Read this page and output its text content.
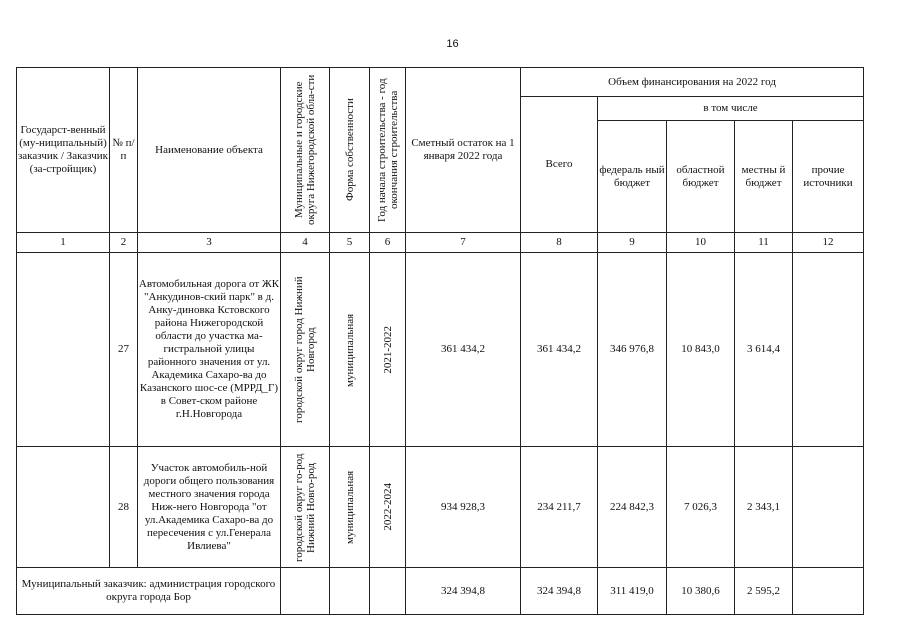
16
Государст-венный (му-ниципальный) заказчик / Заказчик (за-стройщик)	№ п/п	Наименование объекта	Муниципальные и городские округа Нижегородской обла-сти	Форма собственности	Год начала строительства - год окончания строительства	Сметный остаток на 1 января 2022 года	Объем финансирования на 2022 год				
							Всего	в том числе			
								федераль ный бюджет	областной бюджет	местны й бюджет	прочие источники
1	2	3	4	5	6	7	8	9	10	11	12
	27	Автомобильная дорога от ЖК "Анкудинов-ский парк" в д. Анку-диновка Кстовского района Нижегородской области до участка ма-гистральной улицы районного значения от ул. Академика Сахаро-ва до Казанского шос-се (МРРД_Г) в Совет-ском районе г.Н.Новгорода	городской округ город Нижний Новгород	муниципальная	2021-2022	361 434,2	361 434,2	346 976,8	10 843,0	3 614,4	
	28	Участок автомобиль-ной дороги общего пользования местного значения города Ниж-него Новгорода "от ул.Академика Сахаро-ва до пересечения с ул.Генерала Ивлиева"	городской округ го-род Нижний Новго-род	муниципальная	2022-2024	934 928,3	234 211,7	224 842,3	7 026,3	2 343,1	
Муниципальный заказчик: администрация городского округа города Бор						324 394,8	324 394,8	311 419,0	10 380,6	2 595,2	
